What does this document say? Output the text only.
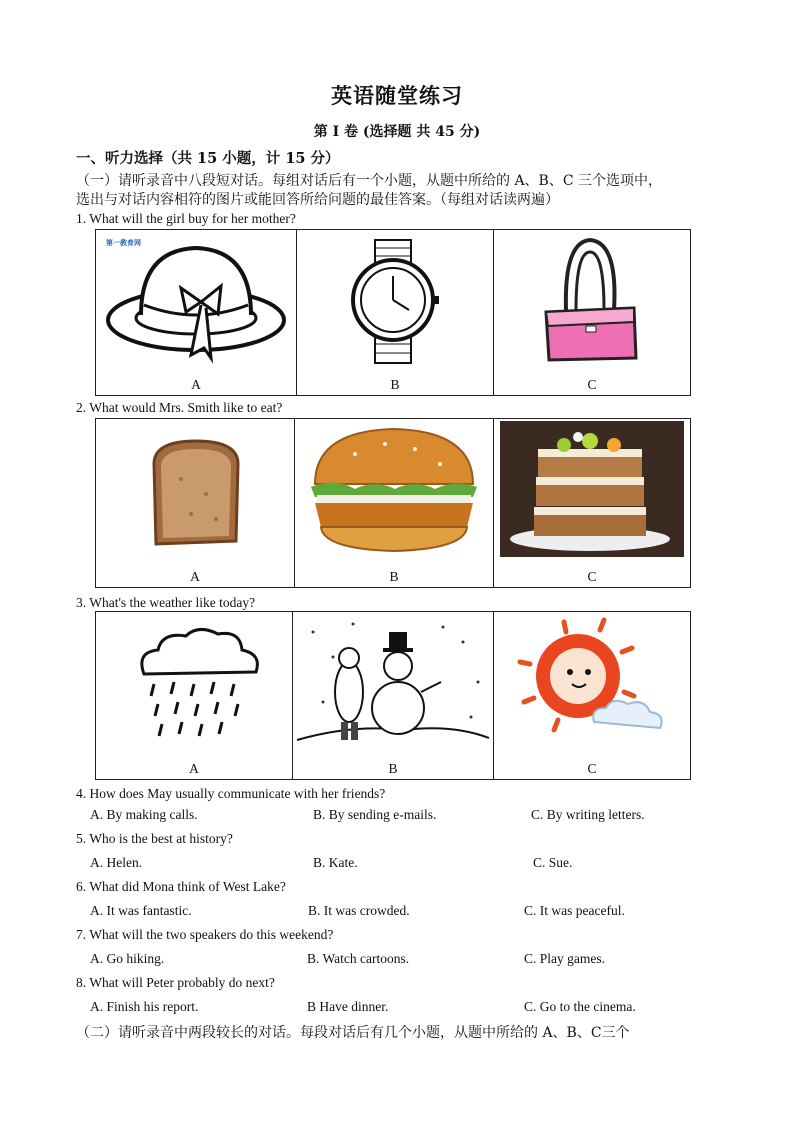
英语随堂练习
第 I 卷 (选择题 共 45 分)
一、听力选择（共 15 小题，计 15 分）
（一）请听录音中八段短对话。每组对话后有一个小题，从题中所给的 A、B、C 三个选项中，
选出与对话内容相符的图片或能回答所给问题的最佳答案。（每组对话读两遍）
1. What will the girl buy for her mother?
第一教育网
A	B	C
2. What would Mrs. Smith like to eat?
A	B	C
3. What's the weather like today?
A	B	C
4. How does May usually communicate with her friends?
A. By making calls.	B. By sending e-mails.	C. By writing letters.
5. Who is the best at history?
A. Helen.	B. Kate.	C. Sue.
6. What did Mona think of West Lake?
A. It was fantastic.	B. It was crowded.	C. It was peaceful.
7. What will the two speakers do this weekend?
A. Go hiking.	B. Watch cartoons.	C. Play games.
8. What will Peter probably do next?
A. Finish his report.	B Have dinner.	C. Go to the cinema.
（二）请听录音中两段较长的对话。每段对话后有几个小题，从题中所给的 A、B、C三个
